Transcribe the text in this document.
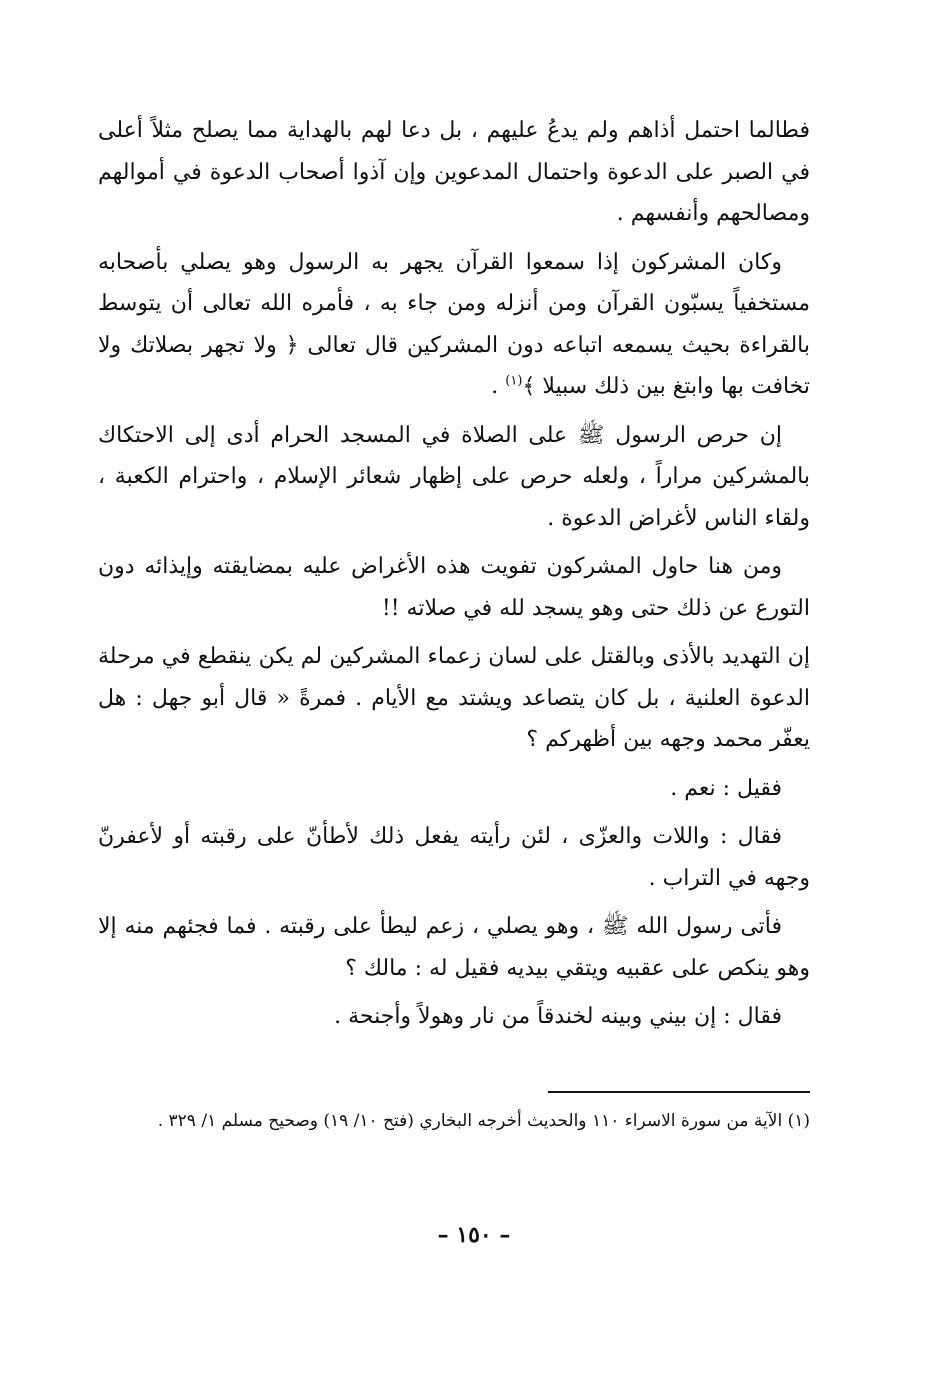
فطالما احتمل أذاهم ولم يدعُ عليهم ، بل دعا لهم بالهداية مما يصلح مثلاً أعلى في الصبر على الدعوة واحتمال المدعوين وإن آذوا أصحاب الدعوة في أموالهم ومصالحهم وأنفسهم .

وكان المشركون إذا سمعوا القرآن يجهر به الرسول وهو يصلي بأصحابه مستخفياً يسبّون القرآن ومن أنزله ومن جاء به ، فأمره الله تعالى أن يتوسط بالقراءة بحيث يسمعه اتباعه دون المشركين قال تعالى ﴿ ولا تجهر بصلاتك ولا تخافت بها وابتغ بين ذلك سبيلا ﴾$^{(١)}$ .

إن حرص الرسول ﷺ على الصلاة في المسجد الحرام أدى إلى الاحتكاك بالمشركين مراراً ، ولعله حرص على إظهار شعائر الإسلام ، واحترام الكعبة ، ولقاء الناس لأغراض الدعوة .

ومن هنا حاول المشركون تفويت هذه الأغراض عليه بمضايقته وإيذائه دون التورع عن ذلك حتى وهو يسجد لله في صلاته !!

إن التهديد بالأذى وبالقتل على لسان زعماء المشركين لم يكن ينقطع في مرحلة الدعوة العلنية ، بل كان يتصاعد ويشتد مع الأيام . فمرةً « قال أبو جهل : هل يعفّر محمد وجهه بين أظهركم ؟

فقيل : نعم .

فقال : واللات والعزّى ، لئن رأيته يفعل ذلك لأطأنّ على رقبته أو لأعفرنّ وجهه في التراب .

فأتى رسول الله ﷺ ، وهو يصلي ، زعم ليطأ على رقبته . فما فجئهم منه إلا وهو ينكص على عقبيه ويتقي بيديه فقيل له : مالك ؟

فقال : إن بيني وبينه لخندقاً من نار وهولاً وأجنحة .

(١) الآية من سورة الاسراء ١١٠ والحديث أخرجه البخاري (فتح ١٠/ ١٩) وصحيح مسلم ١/ ٣٢٩ .

– ١٥٠ –
